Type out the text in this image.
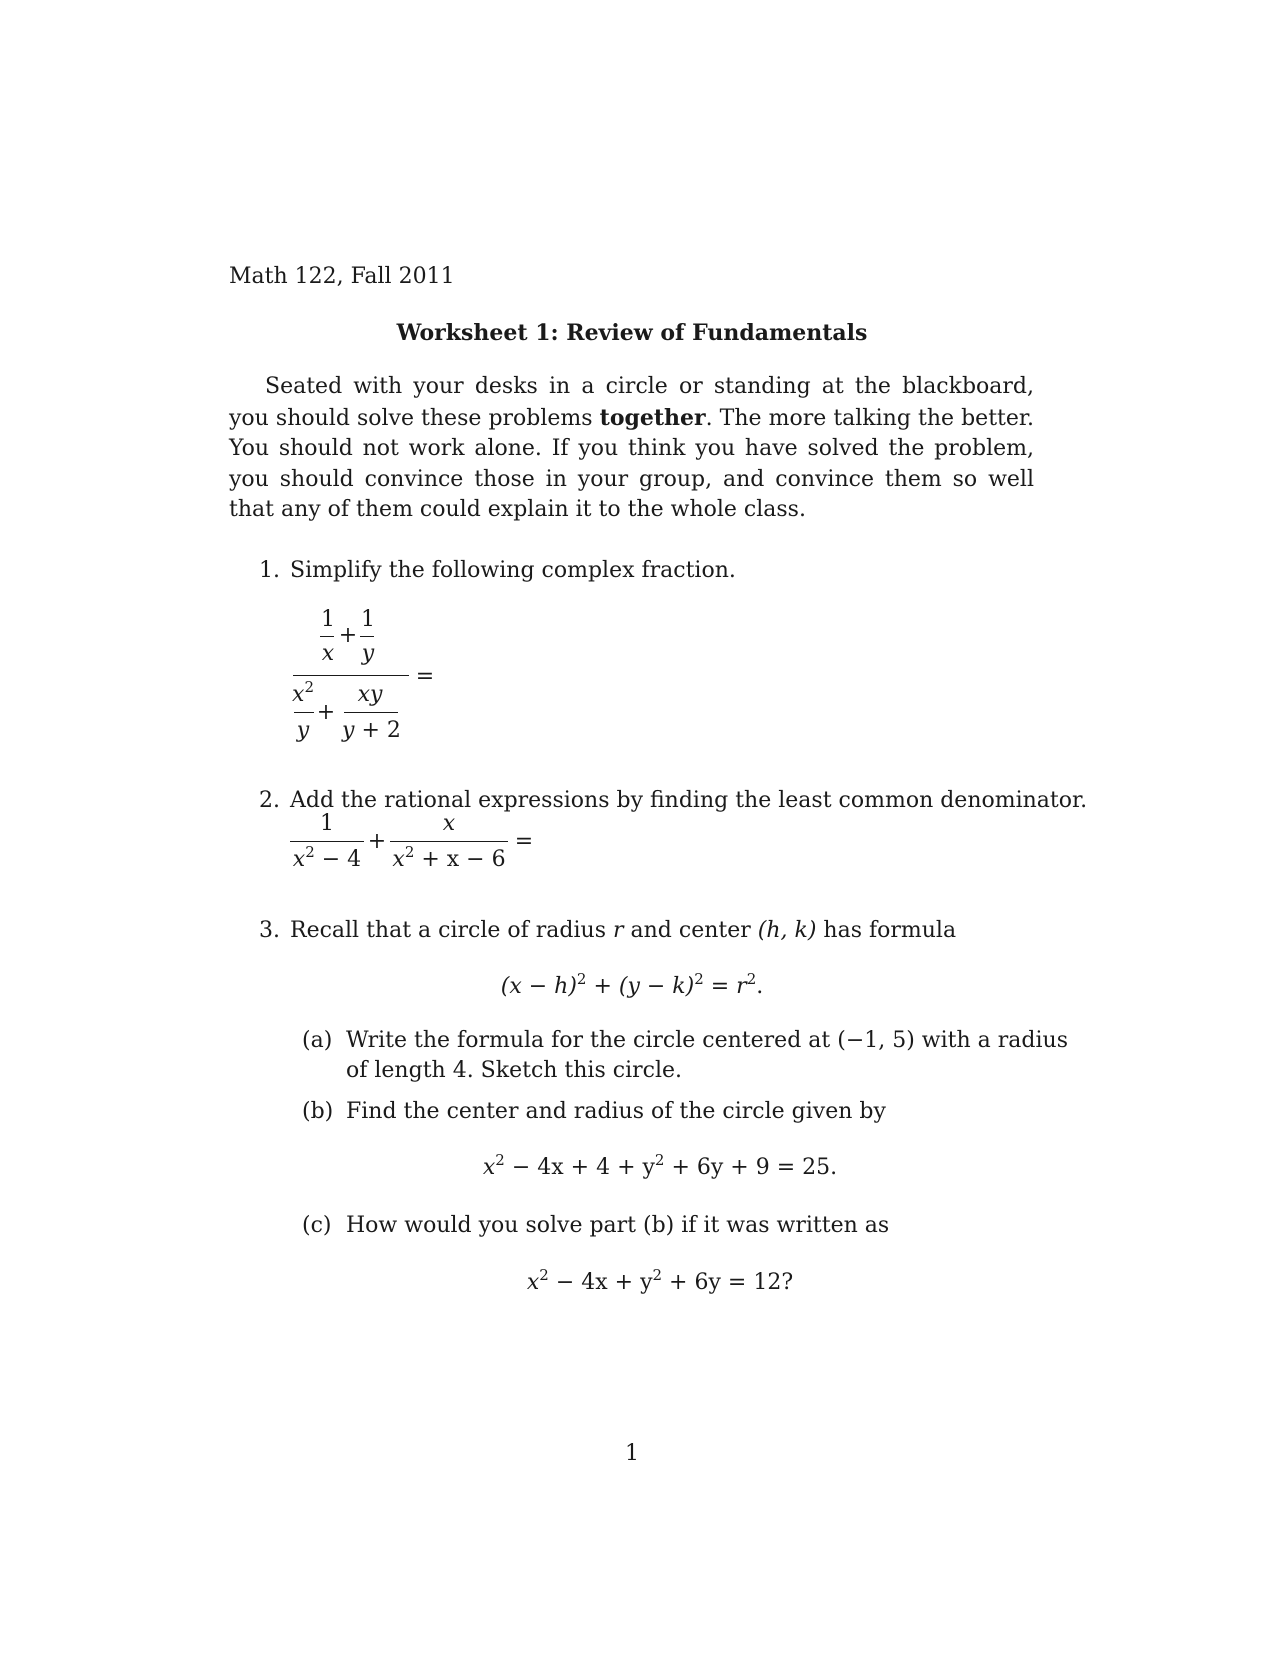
Math 122, Fall 2011
Worksheet 1: Review of Fundamentals
Seated with your desks in a circle or standing at the blackboard, you should solve these problems together. The more talking the better. You should not work alone. If you think you have solved the problem, you should convince those in your group, and convince them so well that any of them could explain it to the whole class.
1. Simplify the following complex fraction.
1
x
+
1
y
$x^2$
y
+
xy
y + 2
=
2. Add the rational expressions by finding the least common denominator.
1
$x^2 - 4$
+
x
$x^2 + x - 6$
=
3. Recall that a circle of radius r and center (h, k) has formula
$(x - h)^2 + (y - k)^2 = r^2$.
(a) Write the formula for the circle centered at (−1, 5) with a radius
of length 4. Sketch this circle.
(b) Find the center and radius of the circle given by
$x^2 - 4x + 4 + y^2 + 6y + 9 = 25$.
(c) How would you solve part (b) if it was written as
$x^2 - 4x + y^2 + 6y = 12$?
1
